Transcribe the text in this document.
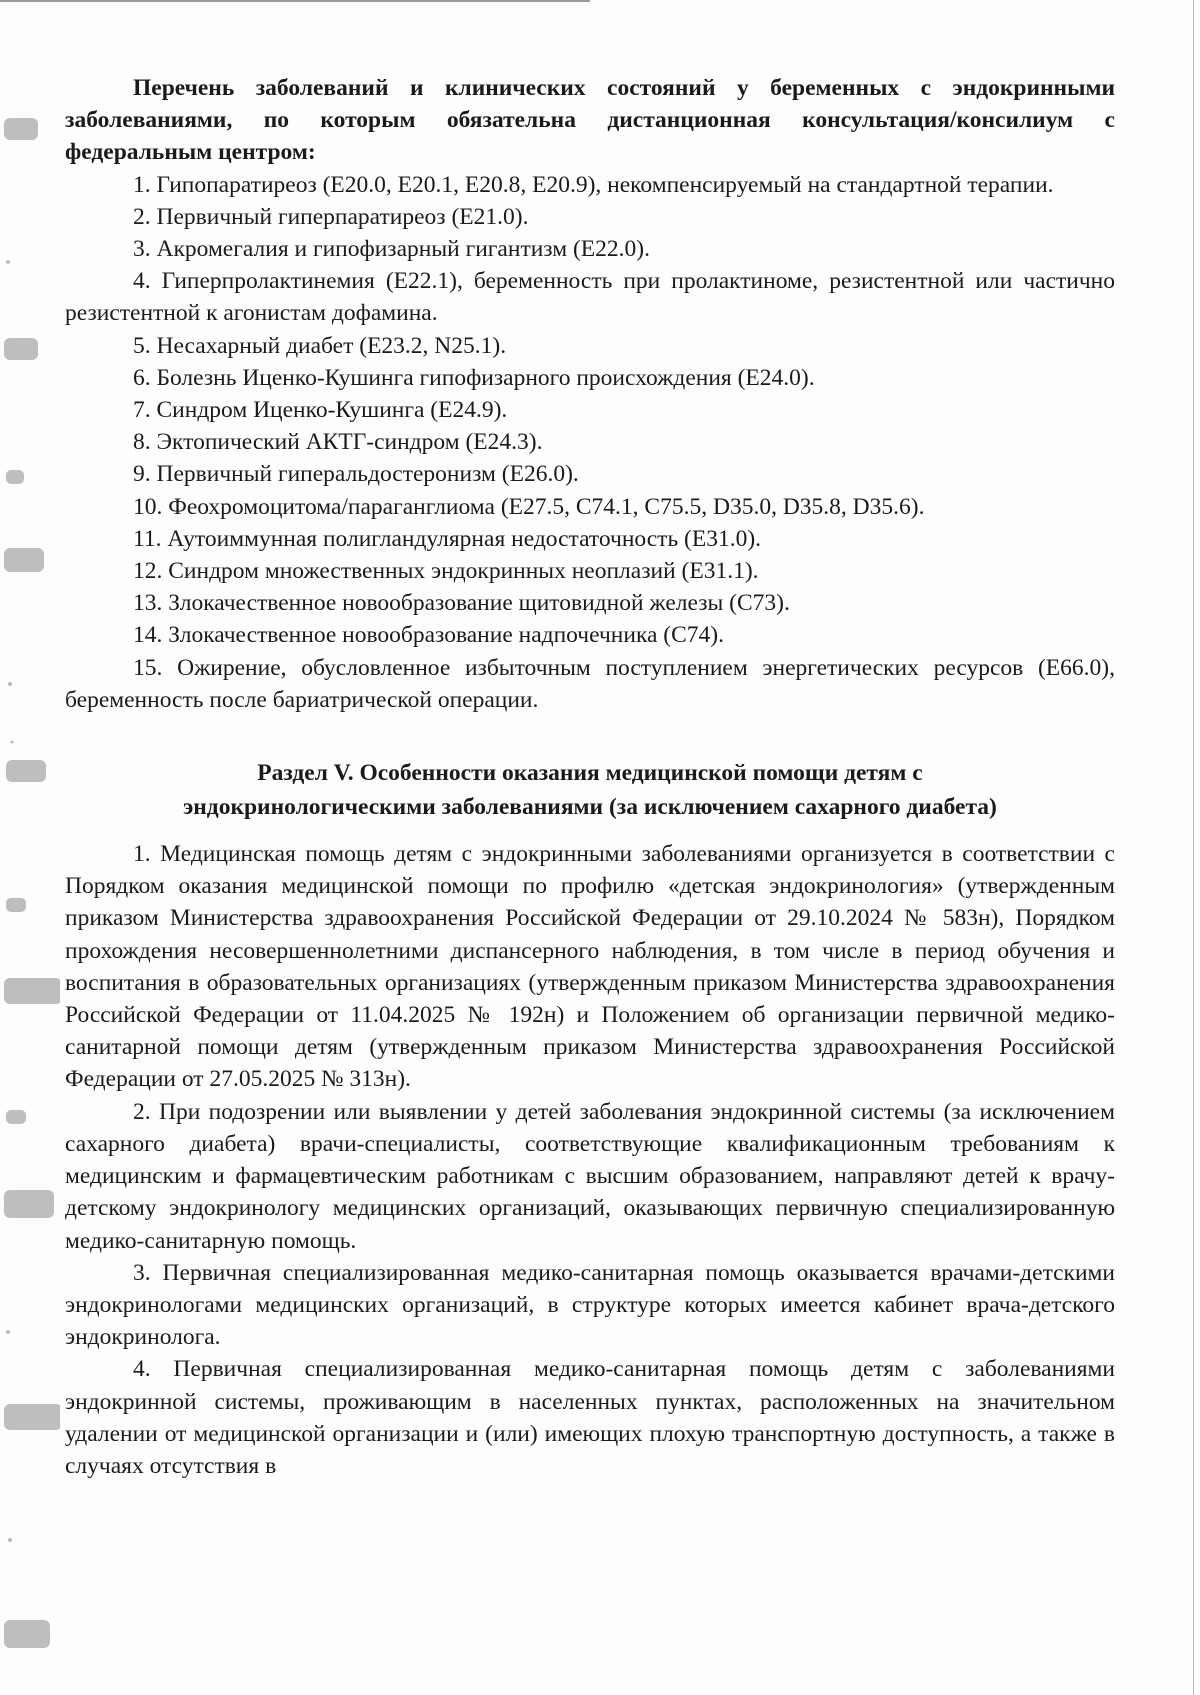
Перечень заболеваний и клинических состояний у беременных с эндокринными заболеваниями, по которым обязательна дистанционная консультация/консилиум с федеральным центром:

1. Гипопаратиреоз (E20.0, E20.1, E20.8, E20.9), некомпенсируемый на стандартной терапии.

2. Первичный гиперпаратиреоз (E21.0).

3. Акромегалия и гипофизарный гигантизм (E22.0).

4. Гиперпролактинемия (E22.1), беременность при пролактиноме, резистентной или частично резистентной к агонистам дофамина.

5. Несахарный диабет (E23.2, N25.1).

6. Болезнь Иценко-Кушинга гипофизарного происхождения (E24.0).

7. Синдром Иценко-Кушинга (E24.9).

8. Эктопический АКТГ-синдром (E24.3).

9. Первичный гиперальдостеронизм (E26.0).

10. Феохромоцитома/параганглиома (E27.5, C74.1, C75.5, D35.0, D35.8, D35.6).

11. Аутоиммунная полигландулярная недостаточность (E31.0).

12. Синдром множественных эндокринных неоплазий (E31.1).

13. Злокачественное новообразование щитовидной железы (C73).

14. Злокачественное новообразование надпочечника (C74).

15. Ожирение, обусловленное избыточным поступлением энергетических ресурсов (E66.0), беременность после бариатрической операции.

Раздел V. Особенности оказания медицинской помощи детям с
эндокринологическими заболеваниями (за исключением сахарного диабета)

1. Медицинская помощь детям с эндокринными заболеваниями организуется в соответствии с Порядком оказания медицинской помощи по профилю «детская эндокринология» (утвержденным приказом Министерства здравоохранения Российской Федерации от 29.10.2024 № 583н), Порядком прохождения несовершеннолетними диспансерного наблюдения, в том числе в период обучения и воспитания в образовательных организациях (утвержденным приказом Министерства здравоохранения Российской Федерации от 11.04.2025 № 192н) и Положением об организации первичной медико-санитарной помощи детям (утвержденным приказом Министерства здравоохранения Российской Федерации от 27.05.2025 № 313н).

2. При подозрении или выявлении у детей заболевания эндокринной системы (за исключением сахарного диабета) врачи-специалисты, соответствующие квалификационным требованиям к медицинским и фармацевтическим работникам с высшим образованием, направляют детей к врачу-детскому эндокринологу медицинских организаций, оказывающих первичную специализированную медико-санитарную помощь.

3. Первичная специализированная медико-санитарная помощь оказывается врачами-детскими эндокринологами медицинских организаций, в структуре которых имеется кабинет врача-детского эндокринолога.

4. Первичная специализированная медико-санитарная помощь детям с заболеваниями эндокринной системы, проживающим в населенных пунктах, расположенных на значительном удалении от медицинской организации и (или) имеющих плохую транспортную доступность, а также в случаях отсутствия в
